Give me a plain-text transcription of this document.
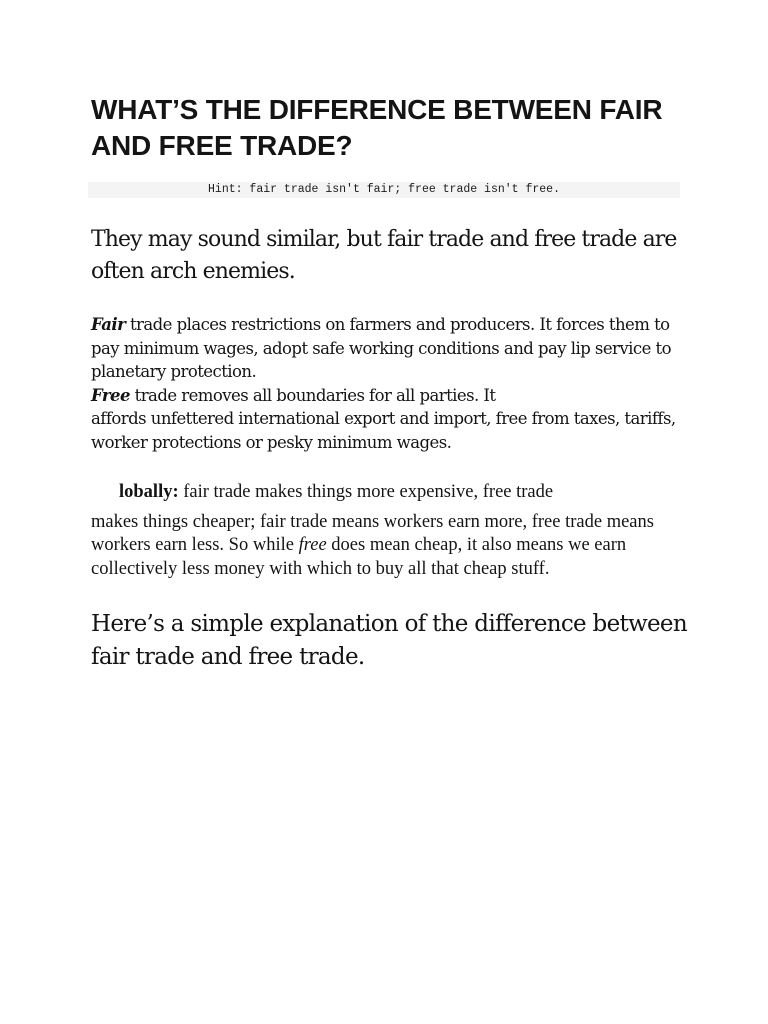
WHAT’S THE DIFFERENCE BETWEEN FAIR AND FREE TRADE?
Hint: fair trade isn't fair; free trade isn't free.

They may sound similar, but fair trade and free trade are often arch enemies.

Fair trade places restrictions on farmers and producers. It forces them to pay minimum wages, adopt safe working conditions and pay lip service to planetary protection.
Free trade removes all boundaries for all parties. It
affords unfettered international export and import, free from taxes, tariffs, worker protections or pesky minimum wages.

lobally: fair trade makes things more expensive, free trade
makes things cheaper; fair trade means workers earn more, free trade means workers earn less. So while free does mean cheap, it also means we earn collectively less money with which to buy all that cheap stuff.

Here’s a simple explanation of the difference between fair trade and free trade.
